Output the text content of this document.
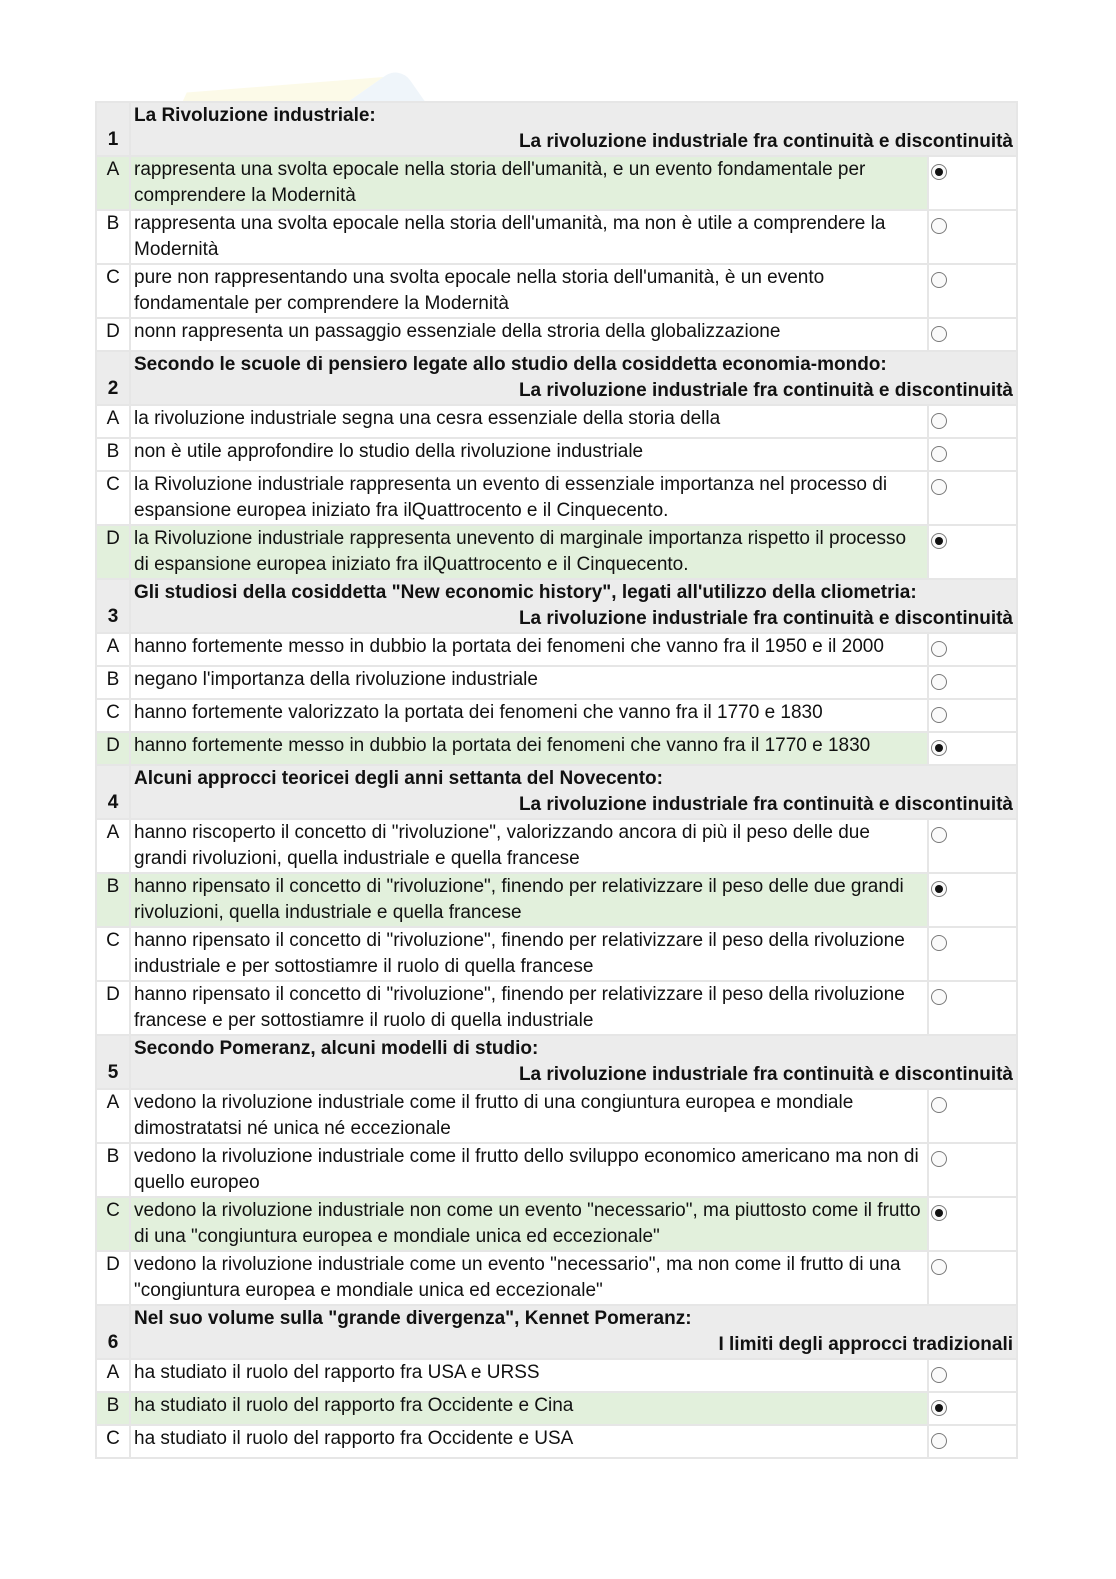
1	La Rivoluzione industriale:
La rivoluzione industriale fra continuità e discontinuità	

A	rappresenta una svolta epocale nella storia dell'umanità, e un evento fondamentale per comprendere la Modernità	
B	rappresenta una svolta epocale nella storia dell'umanità, ma non è utile a comprendere la Modernità	
C	pure non rappresentando una svolta epocale nella storia dell'umanità, è un evento fondamentale per comprendere la Modernità	
D	nonn rappresenta un passaggio essenziale della stroria della globalizzazione	
2	Secondo le scuole di pensiero legate allo studio della cosiddetta economia-mondo:
La rivoluzione industriale fra continuità e discontinuità	

A	la rivoluzione industriale segna una cesra essenziale della storia della	
B	non è utile approfondire lo studio della rivoluzione industriale	
C	la Rivoluzione industriale rappresenta un evento di essenziale importanza nel processo di espansione europea iniziato fra ilQuattrocento e il Cinquecento.	
D	la Rivoluzione industriale rappresenta unevento di marginale importanza rispetto il processo di espansione europea iniziato fra ilQuattrocento e il Cinquecento.	
3	Gli studiosi della cosiddetta "New economic history", legati all'utilizzo della cliometria:
La rivoluzione industriale fra continuità e discontinuità	

A	hanno fortemente messo in dubbio la portata dei fenomeni che vanno fra il 1950 e il 2000	
B	negano l'importanza della rivoluzione industriale	
C	hanno fortemente valorizzato la portata dei fenomeni che vanno fra il 1770 e 1830	
D	hanno fortemente messo in dubbio la portata dei fenomeni che vanno fra il 1770 e 1830	
4	Alcuni approcci teoricei degli anni settanta del Novecento:
La rivoluzione industriale fra continuità e discontinuità	

A	hanno riscoperto il concetto di "rivoluzione", valorizzando ancora di più il peso delle due grandi rivoluzioni, quella industriale e quella francese	
B	hanno ripensato il concetto di "rivoluzione", finendo per relativizzare il peso delle due grandi rivoluzioni, quella industriale e quella francese	
C	hanno ripensato il concetto di "rivoluzione", finendo per relativizzare il peso della rivoluzione industriale e per sottostiamre il ruolo di quella francese	
D	hanno ripensato il concetto di "rivoluzione", finendo per relativizzare il peso della rivoluzione francese e per sottostiamre il ruolo di quella industriale	
5	Secondo Pomeranz, alcuni modelli di studio:
La rivoluzione industriale fra continuità e discontinuità	

A	vedono la rivoluzione industriale come il frutto di una congiuntura europea e mondiale dimostratatsi né unica né eccezionale	
B	vedono la rivoluzione industriale come il frutto dello sviluppo economico americano ma non di quello europeo	
C	vedono la rivoluzione industriale non come un evento "necessario", ma piuttosto come il frutto di una "congiuntura europea e mondiale unica ed eccezionale"	
D	vedono la rivoluzione industriale come un evento "necessario", ma non come il frutto di una "congiuntura europea e mondiale unica ed eccezionale"	
6	Nel suo volume sulla "grande divergenza", Kennet Pomeranz:
I limiti degli approcci tradizionali	

A	ha studiato il ruolo del rapporto fra USA e URSS	
B	ha studiato il ruolo del rapporto fra Occidente e Cina	
C	ha studiato il ruolo del rapporto fra Occidente e USA	
